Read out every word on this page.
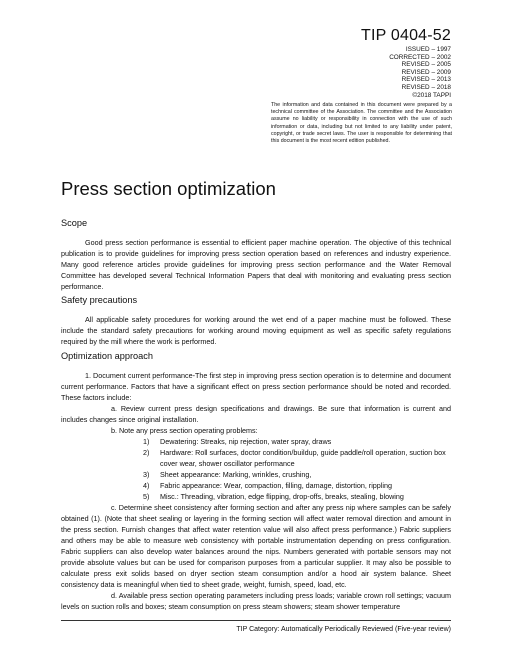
TIP 0404-52
ISSUED – 1997
CORRECTED – 2002
REVISED – 2005
REVISED – 2009
REVISED – 2013
REVISED – 2018
©2018 TAPPI
The information and data contained in this document were prepared by a technical committee of the Association. The committee and the Association assume no liability or responsibility in connection with the use of such information or data, including but not limited to any liability under patent, copyright, or trade secret laws. The user is responsible for determining that this document is the most recent edition published.
Press section optimization
Scope

Good press section performance is essential to efficient paper machine operation. The objective of this technical publication is to provide guidelines for improving press section operation based on references and industry experience. Many good reference articles provide guidelines for improving press section performance and the Water Removal Committee has developed several Technical Information Papers that deal with monitoring and evaluating press section performance.

Safety precautions

All applicable safety procedures for working around the wet end of a paper machine must be followed. These include the standard safety precautions for working around moving equipment as well as specific safety regulations required by the mill where the work is performed.

Optimization approach

1. Document current performance-The first step in improving press section operation is to determine and document current performance. Factors that have a significant effect on press section performance should be noted and recorded. These factors include:

a. Review current press design specifications and drawings. Be sure that information is current and includes changes since original installation.

b. Note any press section operating problems:
1) Dewatering: Streaks, nip rejection, water spray, draws
2) Hardware: Roll surfaces, doctor condition/buildup, guide paddle/roll operation, suction box cover wear, shower oscillator performance
3) Sheet appearance: Marking, wrinkles, crushing,
4) Fabric appearance: Wear, compaction, filling, damage, distortion, rippling
5) Misc.: Threading, vibration, edge flipping, drop-offs, breaks, stealing, blowing

c. Determine sheet consistency after forming section and after any press nip where samples can be safely obtained (1). (Note that sheet sealing or layering in the forming section will affect water removal direction and amount in the press section. Furnish changes that affect water retention value will also affect press performance.) Fabric suppliers and others may be able to measure web consistency with portable instrumentation depending on press configuration. Fabric suppliers can also develop water balances around the nips. Numbers generated with portable sensors may not provide absolute values but can be used for comparison purposes from a particular supplier. It may also be possible to calculate press exit solids based on dryer section steam consumption and/or a hood air system balance. Sheet consistency data is meaningful when tied to sheet grade, weight, furnish, speed, load, etc.

d. Available press section operating parameters including press loads; variable crown roll settings; vacuum levels on suction rolls and boxes; steam consumption on press steam showers; steam shower temperature

TIP Category: Automatically Periodically Reviewed (Five-year review)
